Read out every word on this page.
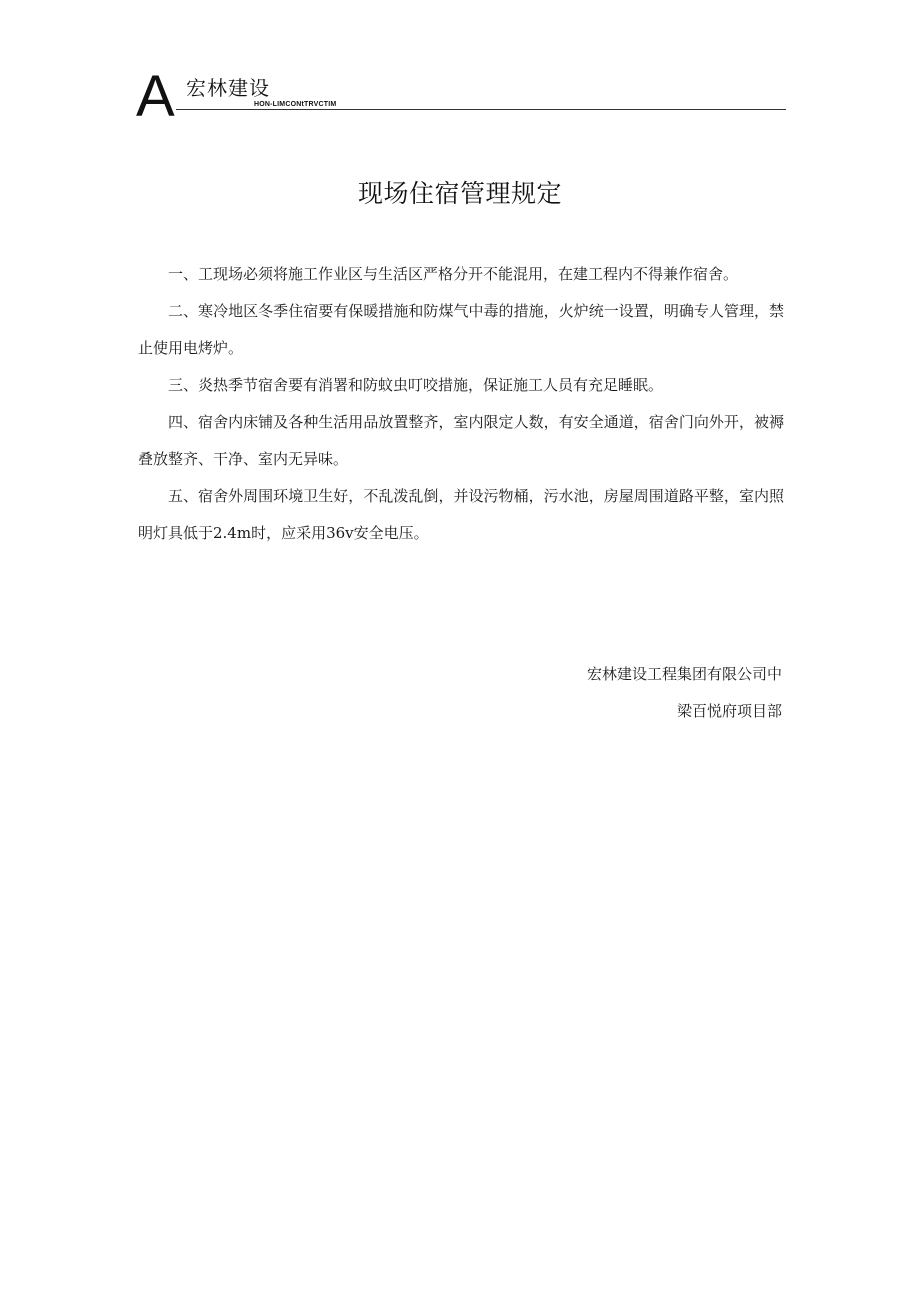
A 宏林建设
HON-LIMCONtTRVCTIM
现场住宿管理规定

一、工现场必须将施工作业区与生活区严格分开不能混用，在建工程内不得兼作宿舍。

二、寒冷地区冬季住宿要有保暖措施和防煤气中毒的措施，火炉统一设置，明确专人管理，禁止使用电烤炉。

三、炎热季节宿舍要有消署和防蚊虫叮咬措施，保证施工人员有充足睡眠。

四、宿舍内床铺及各种生活用品放置整齐，室内限定人数，有安全通道，宿舍门向外开，被褥叠放整齐、干净、室内无异味。

五、宿舍外周围环境卫生好，不乱泼乱倒，并设污物桶，污水池，房屋周围道路平整，室内照明灯具低于2.4m时，应采用36v安全电压。

宏林建设工程集团有限公司中
梁百悦府项目部
